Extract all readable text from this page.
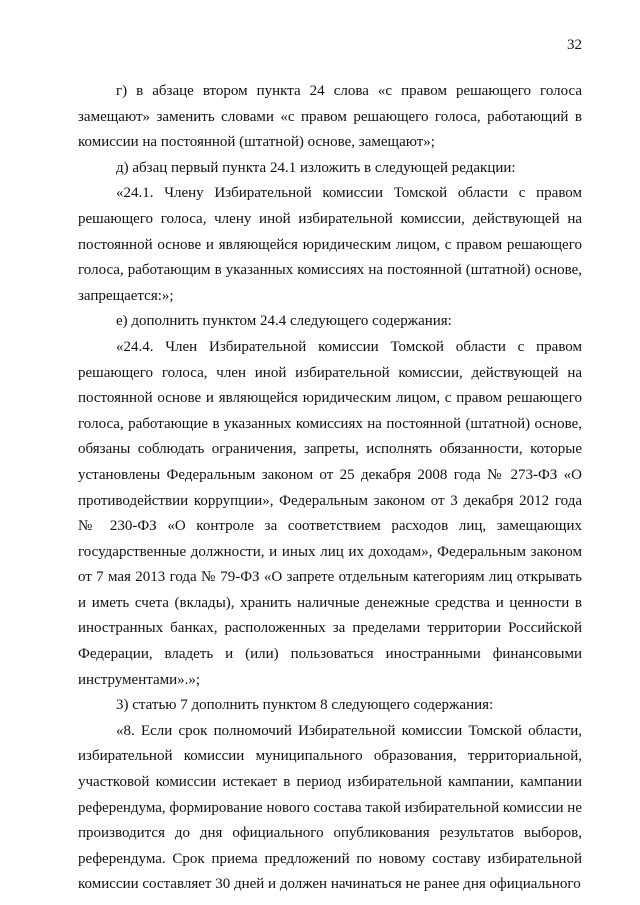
32

г) в абзаце втором пункта 24 слова «с правом решающего голоса замещают» заменить словами «с правом решающего голоса, работающий в комиссии на постоянной (штатной) основе, замещают»;

д) абзац первый пункта 24.1 изложить в следующей редакции:

«24.1. Члену Избирательной комиссии Томской области с правом решающего голоса, члену иной избирательной комиссии, действующей на постоянной основе и являющейся юридическим лицом, с правом решающего голоса, работающим в указанных комиссиях на постоянной (штатной) основе, запрещается:»;

е) дополнить пунктом 24.4 следующего содержания:

«24.4. Член Избирательной комиссии Томской области с правом решающего голоса, член иной избирательной комиссии, действующей на постоянной основе и являющейся юридическим лицом, с правом решающего голоса, работающие в указанных комиссиях на постоянной (штатной) основе, обязаны соблюдать ограничения, запреты, исполнять обязанности, которые установлены Федеральным законом от 25 декабря 2008 года № 273-ФЗ «О противодействии коррупции», Федеральным законом от 3 декабря 2012 года № 230-ФЗ «О контроле за соответствием расходов лиц, замещающих государственные должности, и иных лиц их доходам», Федеральным законом от 7 мая 2013 года № 79-ФЗ «О запрете отдельным категориям лиц открывать и иметь счета (вклады), хранить наличные денежные средства и ценности в иностранных банках, расположенных за пределами территории Российской Федерации, владеть и (или) пользоваться иностранными финансовыми инструментами».»;

3) статью 7 дополнить пунктом 8 следующего содержания:

«8. Если срок полномочий Избирательной комиссии Томской области, избирательной комиссии муниципального образования, территориальной, участковой комиссии истекает в период избирательной кампании, кампании референдума, формирование нового состава такой избирательной комиссии не производится до дня официального опубликования результатов выборов, референдума. Срок приема предложений по новому составу избирательной комиссии составляет 30 дней и должен начинаться не ранее дня официального
